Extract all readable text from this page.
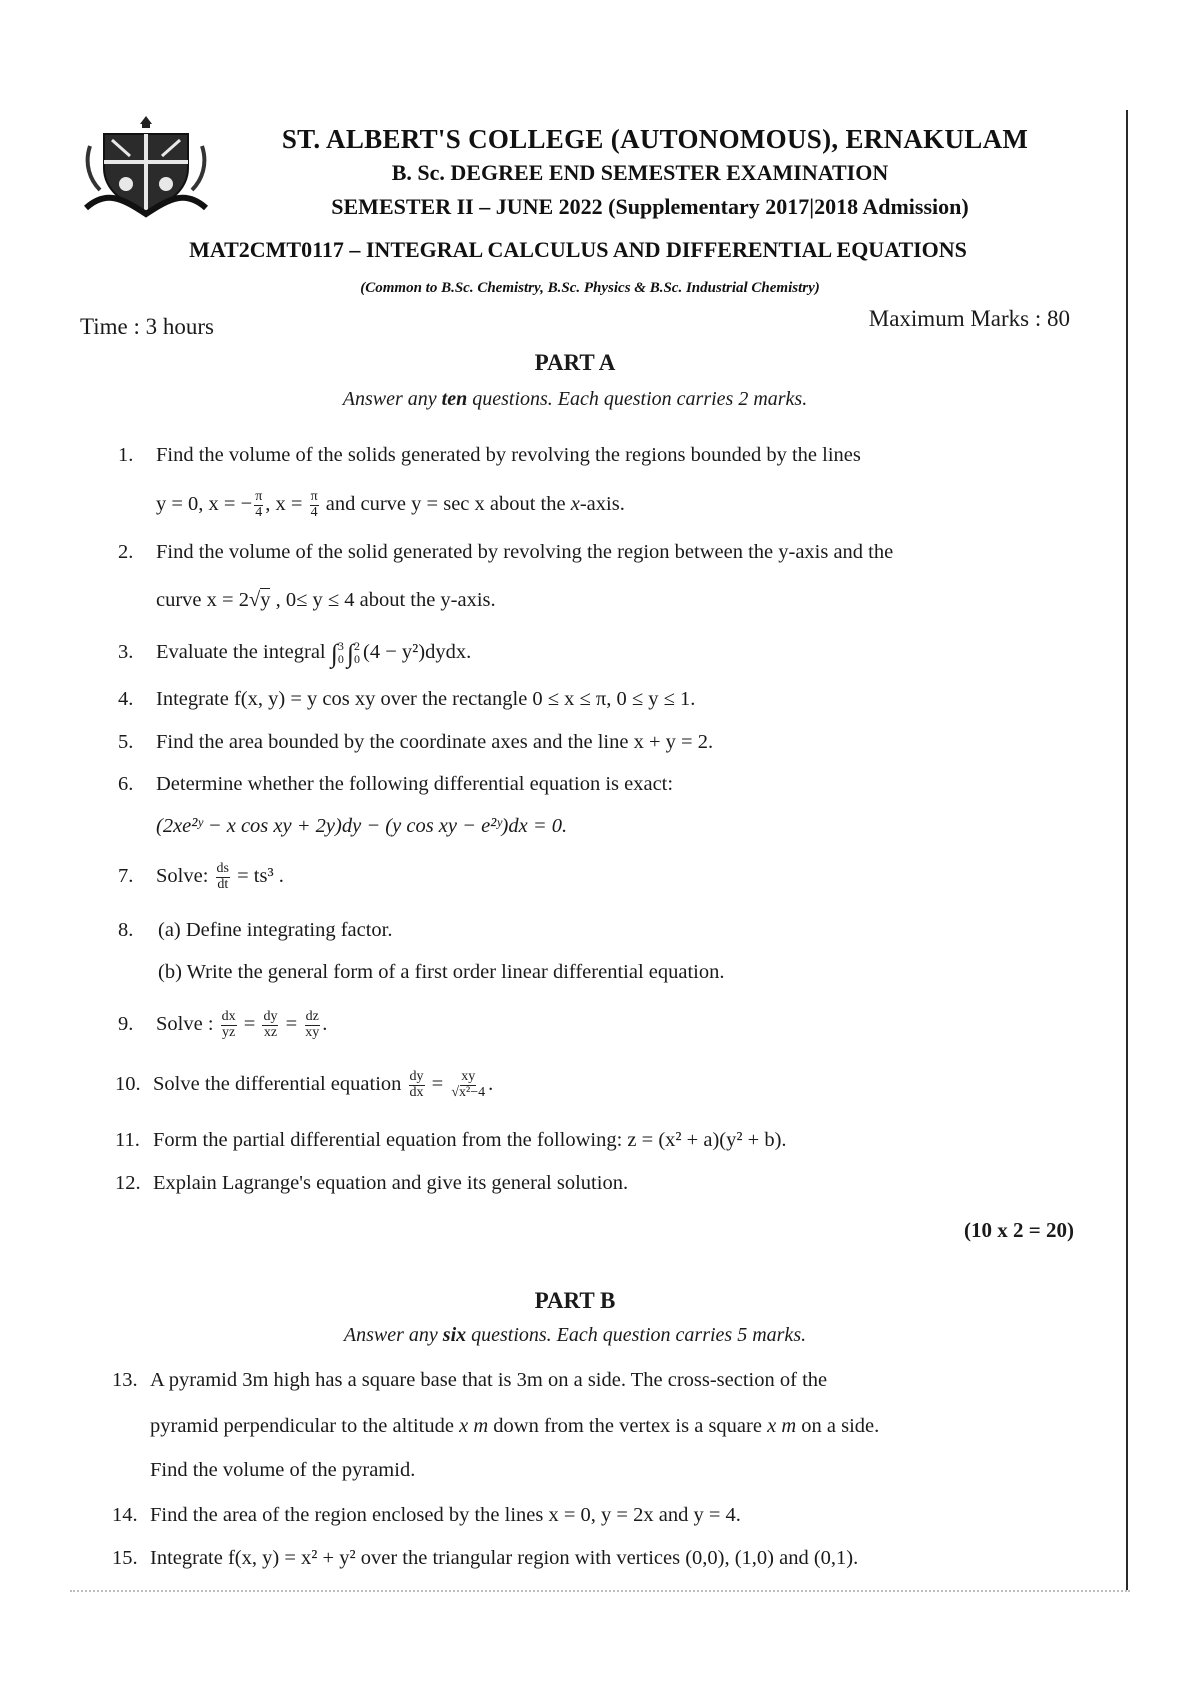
ST. ALBERT'S COLLEGE (AUTONOMOUS), ERNAKULAM
B. Sc. DEGREE END SEMESTER EXAMINATION
SEMESTER II – JUNE 2022 (Supplementary 2017|2018 Admission)
MAT2CMT0117 – INTEGRAL CALCULUS AND DIFFERENTIAL EQUATIONS
(Common to B.Sc. Chemistry, B.Sc. Physics & B.Sc. Industrial Chemistry)
Time : 3 hours	Maximum Marks : 80
PART A
Answer any ten questions. Each question carries 2 marks.
1. Find the volume of the solids generated by revolving the regions bounded by the lines
y = 0, x = − $\frac{\pi}{4}$ , $x = \frac{\pi}{4}$ and curve y = sec x about the x-axis.
2. Find the volume of the solid generated by revolving the region between the y-axis and the
curve x = 2√y , 0≤ y ≤ 4 about the y-axis.
3. Evaluate the integral ∫ 3
0 ∫ 2
0 (4 − y²)dydx.
4. Integrate f(x, y) = y cos xy over the rectangle 0 ≤ x ≤ π, 0 ≤ y ≤ 1.
5. Find the area bounded by the coordinate axes and the line x + y = 2.
6. Determine whether the following differential equation is exact:
(2xe²ʸ − x cos xy + 2y)dy − (y cos xy − e²ʸ)dx = 0.
7. Solve: $\frac{ds}{dt} = ts^3$ .
8. (a) Define integrating factor.
(b) Write the general form of a first order linear differential equation.
9. Solve : $\frac{dx}{yz} = \frac{dy}{xz} = \frac{dz}{xy}$ .
10. Solve the differential equation $\frac{dy}{dx} = \frac{xy}{\text{√x²−4}}$ .
11. Form the partial differential equation from the following: z = (x² + a)(y² + b).
12. Explain Lagrange's equation and give its general solution.
(10 x 2 = 20)
PART B
Answer any six questions. Each question carries 5 marks.
13. A pyramid 3m high has a square base that is 3m on a side. The cross-section of the
pyramid perpendicular to the altitude x m down from the vertex is a square x m on a side.
Find the volume of the pyramid.
14. Find the area of the region enclosed by the lines x = 0, y = 2x and y = 4.
15. Integrate f(x, y) = x² + y² over the triangular region with vertices (0,0), (1,0) and (0,1).
